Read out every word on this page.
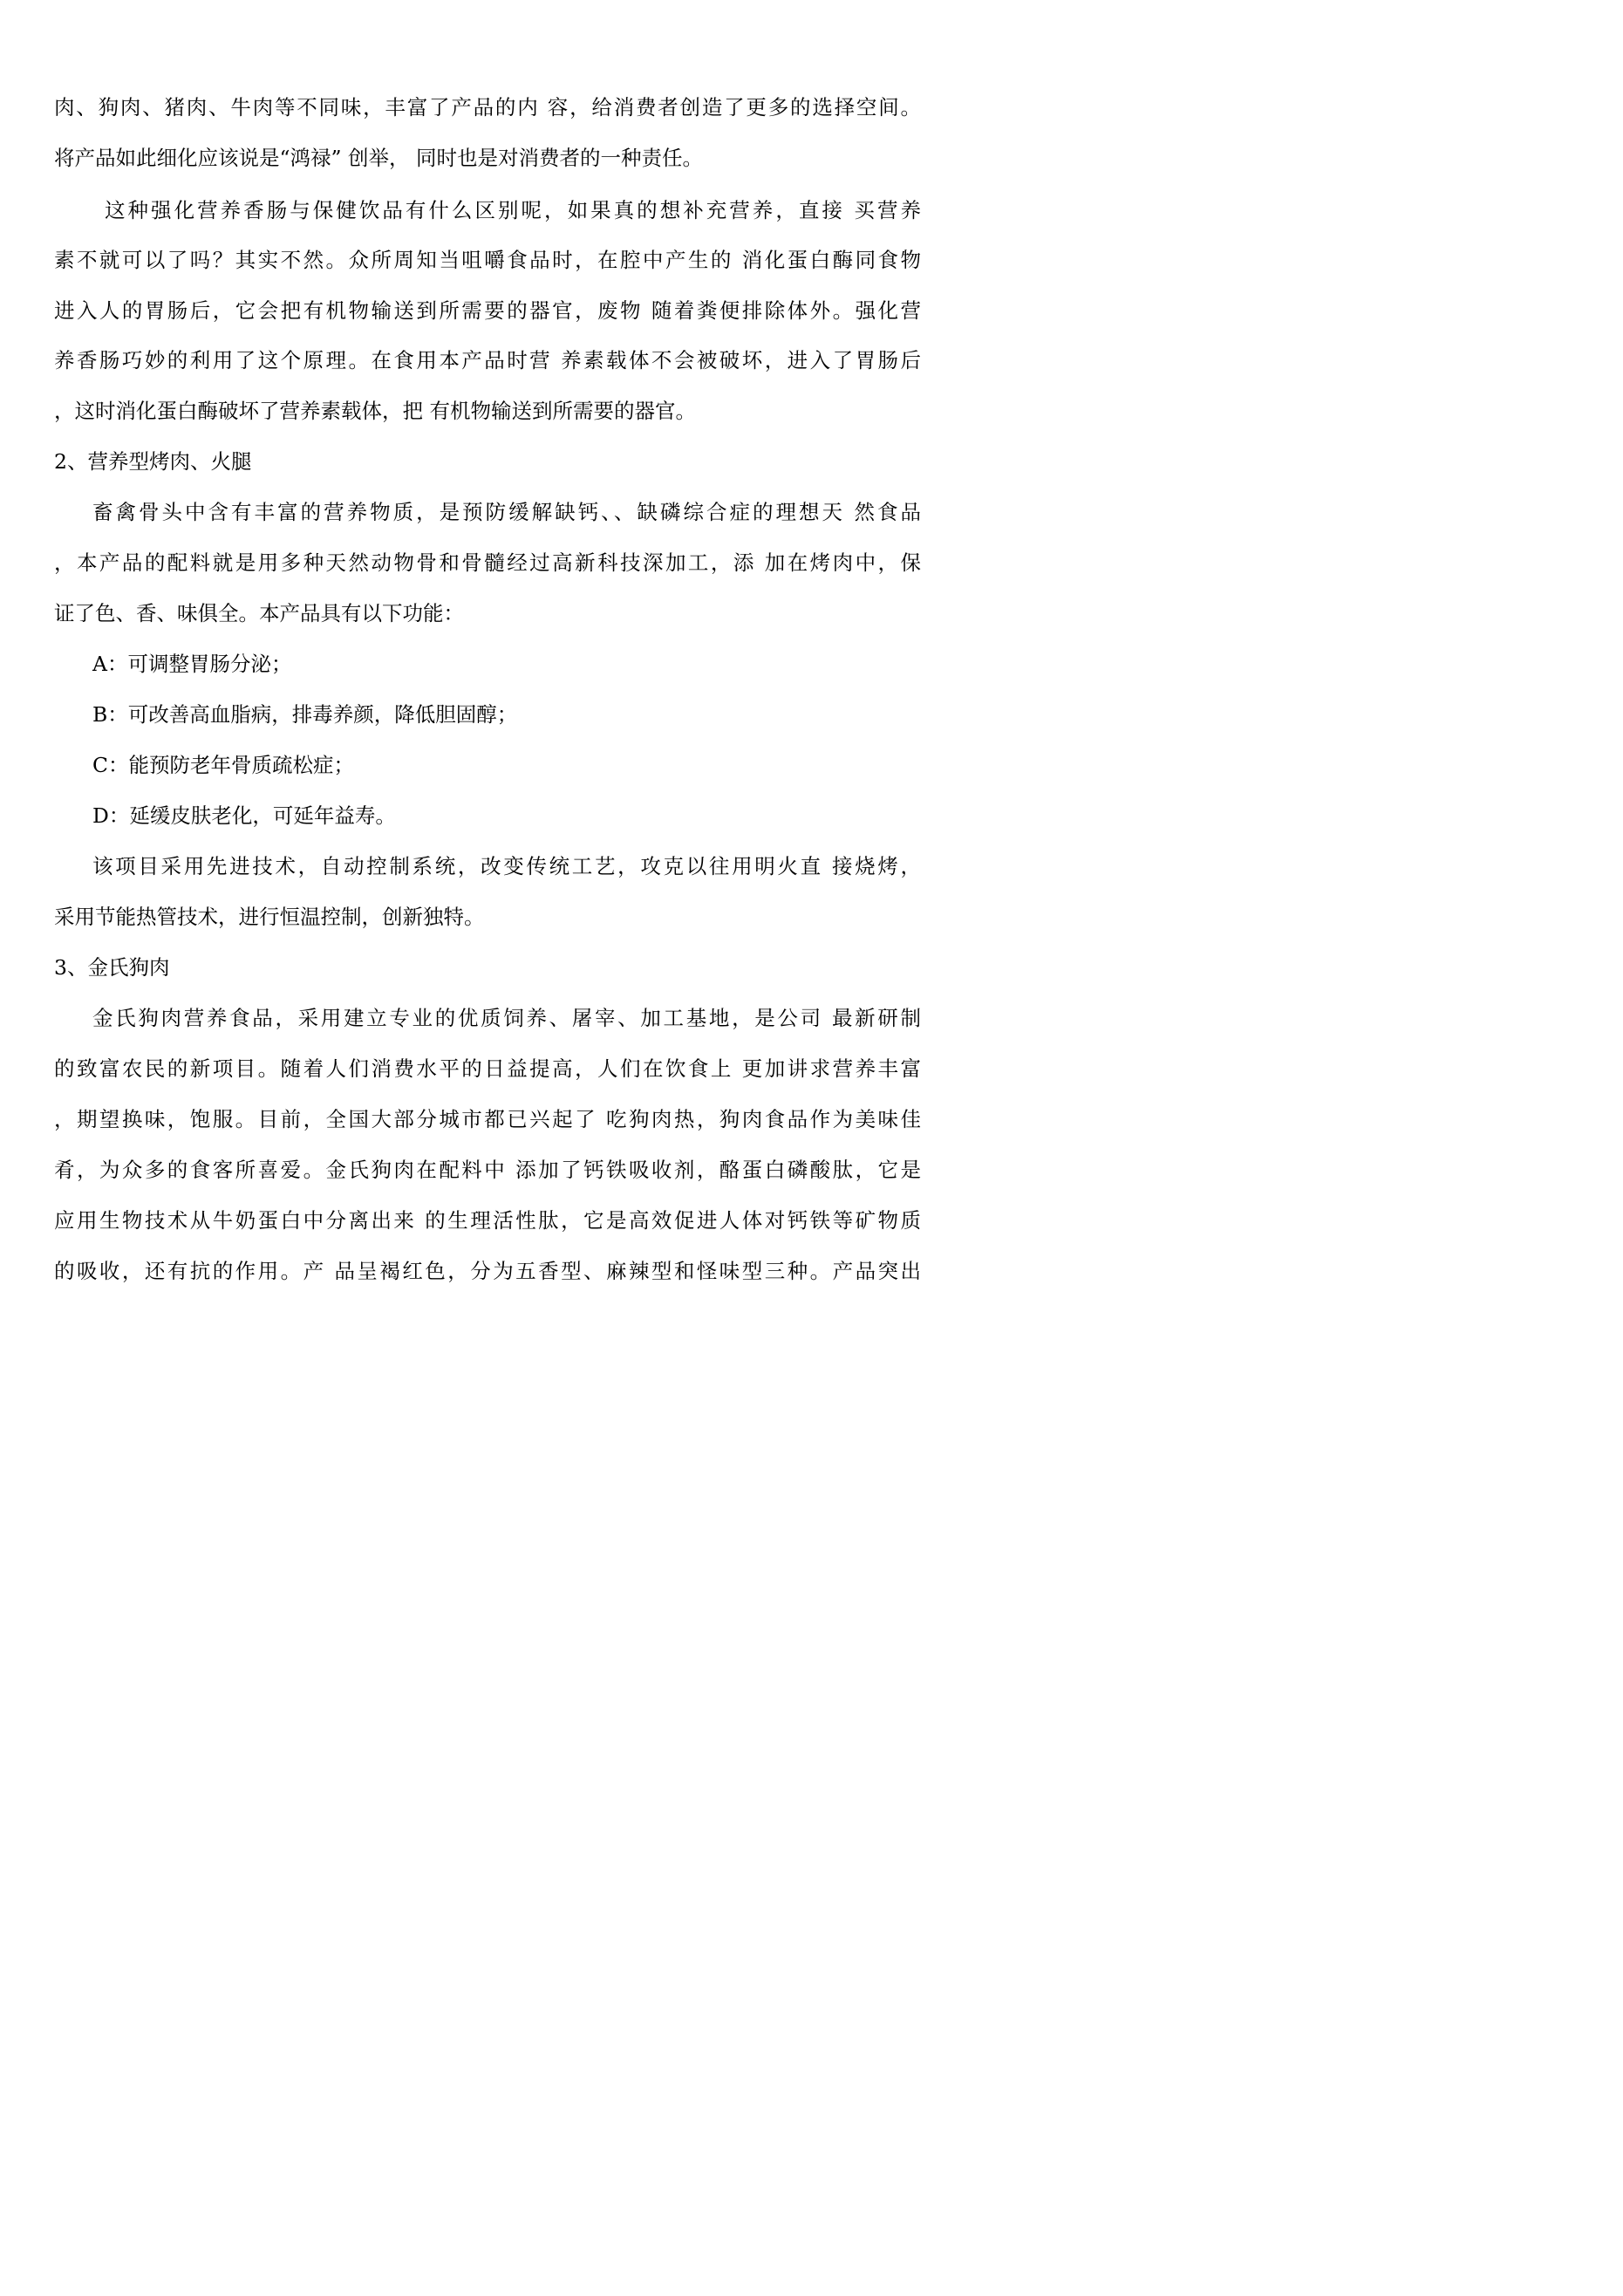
肉、狗肉、猪肉、牛肉等不同味，丰富了产品的内 容，给消费者创造了更多的选择空间。
将产品如此细化应该说是“鸿禄” 创举， 同时也是对消费者的一种责任。
这种强化营养香肠与保健饮品有什么区别呢，如果真的想补充营养，直接 买营养
素不就可以了吗？其实不然。众所周知当咀嚼食品时，在腔中产生的 消化蛋白酶同食物
进入人的胃肠后，它会把有机物输送到所需要的器官，废物 随着粪便排除体外。强化营
养香肠巧妙的利用了这个原理。在食用本产品时营 养素载体不会被破坏，进入了胃肠后
，这时消化蛋白酶破坏了营养素载体，把 有机物输送到所需要的器官。
2、营养型烤肉、火腿
畜禽骨头中含有丰富的营养物质，是预防缓解缺钙、、缺磷综合症的理想天 然食品
，本产品的配料就是用多种天然动物骨和骨髓经过高新科技深加工，添 加在烤肉中，保
证了色、香、味俱全。本产品具有以下功能：
A：可调整胃肠分泌；
B：可改善高血脂病，排毒养颜，降低胆固醇；
C：能预防老年骨质疏松症；
D：延缓皮肤老化，可延年益寿。
该项目采用先进技术，自动控制系统，改变传统工艺，攻克以往用明火直 接烧烤，
采用节能热管技术，进行恒温控制，创新独特。
3、金氏狗肉
金氏狗肉营养食品，采用建立专业的优质饲养、屠宰、加工基地，是公司 最新研制
的致富农民的新项目。随着人们消费水平的日益提高，人们在饮食上 更加讲求营养丰富
，期望换味，饱服。目前，全国大部分城市都已兴起了 吃狗肉热，狗肉食品作为美味佳
肴，为众多的食客所喜爱。金氏狗肉在配料中 添加了钙铁吸收剂，酪蛋白磷酸肽，它是
应用生物技术从牛奶蛋白中分离出来 的生理活性肽，它是高效促进人体对钙铁等矿物质
的吸收，还有抗的作用。产 品呈褐红色，分为五香型、麻辣型和怪味型三种。产品突出
